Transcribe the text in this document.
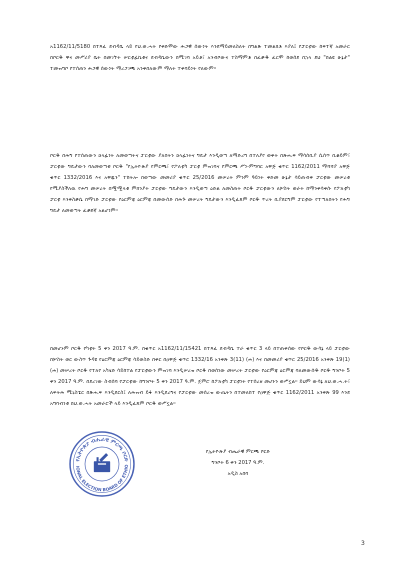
አ1162/11/5180 በተጻፈ ደብዳቤ ላይ የህ.ወ.ሓት የቀድሞው ሕጋዊ ሰውነት እንደማይመለስለት በግልጽ ተመልክቶ እያለ፤ የፓርቲው ከፍተኛ አመራር በቦርዱ ዋና መሥሪያ ቤት በመገኘት ሠርቲፊኬቱና ደብዳቤውን በሚገባ አይቶ፣ አንብቦውና ተስማምቶ በፈቃዱ ፈርሞ ከወሰደ በኋላ ደህ "በልዩ ሁኔታ" ተመዝግቦ የተሰጠን ሕጋዊ ሰውነት ማረጋገጫ አንቀበለውም ማለት ተቀባይነት የለውም።

ቦርዱ በሕግ የተሰጠውን ኃላፊነት ለመወጣትና ፓርቲው ያለበትን ኃላፊነትና ግዴታ እንዲወጣ ለማድረግ በተለያየ ወቅት በጽሑፍ ማሳሰቢያ ሲሰጥ ቢቆይም፣ ፓርቲው ግዴታውን ባለመወጣቱ ቦርዱ "የኢትዮጵያ የምርጫ፣ የፖለቲካ ፓርቲ ምዝገባና የምርጫ ሥነ-ምግባር አዋጅ ቁጥር 1162/2011 ማሻሻያ አዋጅ ቁጥር 1332/2016 እና አዋጁን" ተከትሎ በወጣው መመሪያ ቁጥር 25/2016 መሠረት ምንም ዓይነት ቅድመ ሁኔታ ሳይጠብቅ ፓርቲው መሠረቱ የሚያስችለዉ የሕግ መሠረት በሟሟላቱ ምክንያት ፓርቲው ግዴታውን እንዲወጣ ዕድል ለመስጠት ቦርዱ ፓርቲውን ለሦስት ወራት ከማንቀሳቀሱ የፖለቲካ ፓርቲ እንቅስቃሴ በማገድ ፓርቲው የዕርምጃ ዕርምጃ በመውሰድ በሕጉ መሠረት ግዴታውን እንዲፈጸም ቦርዱ ጥረት ቢያደርግም ፓርቲው የተጣለበትን የሕግ ግዴታ ለመወጣት ፈቃደኛ አልሆነም።

በመሆኑም ቦርዱ የካቲት 5 ቀን 2017 ዓ.ም. በቁጥር አ1162/11/15421 በተጻፈ ደብዳቤ ተራ ቁጥር 3 ላይ በተጠቀሰው የቦርዱ ውሳኔ ላይ ፓርቲው በሦስት ወር ውስጥ ጉዳዩ የዕርምጃ ዕርምጃ ሳይወስድ በቀር በዐዋጅ ቁጥር 1332/16 አንቀጽ 3(11) (ሐ) እና በመመሪያ ቁጥር 25/2016 አንቀጽ 19(1)(ሐ) መሠረት ቦርዱ የተለየ አካሄድ ሳይከተል የፓርቲውን ምዝገባ እንዲሠረዝ ቦርዱ በወሰነው መሠረት ፓርቲው የዕርምጃ ዕርምጃ ባለመውሰዱ ቦርዱ ግንቦት 5 ቀን 2017 ዓ.ም. በደረገው ስብሰባ የፓርቲው ከግንቦት 5 ቀን 2017 ዓ.ም. ጀምሮ ከፖለቲካ ፓርቲነት የተሰረዘ መሆኑን ወሥኗል። ይህም ውሳኔ ለህ.ወ.ሓ.ት፣ ለፍትሕ ሚኒስቴር በጽሑፍ እንዲደርስ፤ ለሕዝብ ይፋ እንዲደረግና የፓርቲው መሰረዝ ውጤትን በተመለከተ የዐዋጅ ቁጥር 1162/2011 አንቀጽ 99 እንደ አግባብነቱ በህ.ወ.ሓት አመራሮች ላይ እንዲፈጸም ቦርዱ ወሥኗል።

የኢትዮጵያ ብሔራዊ ምርጫ ቦርድ
IONAL ELECTION BOARD OF ETHIO
የኢትዮጵያ ብሔራዊ ምርጫ ቦርድ
ግንቦት 6 ቀን 2017 ዓ.ም.
አዲስ አበባ
3
